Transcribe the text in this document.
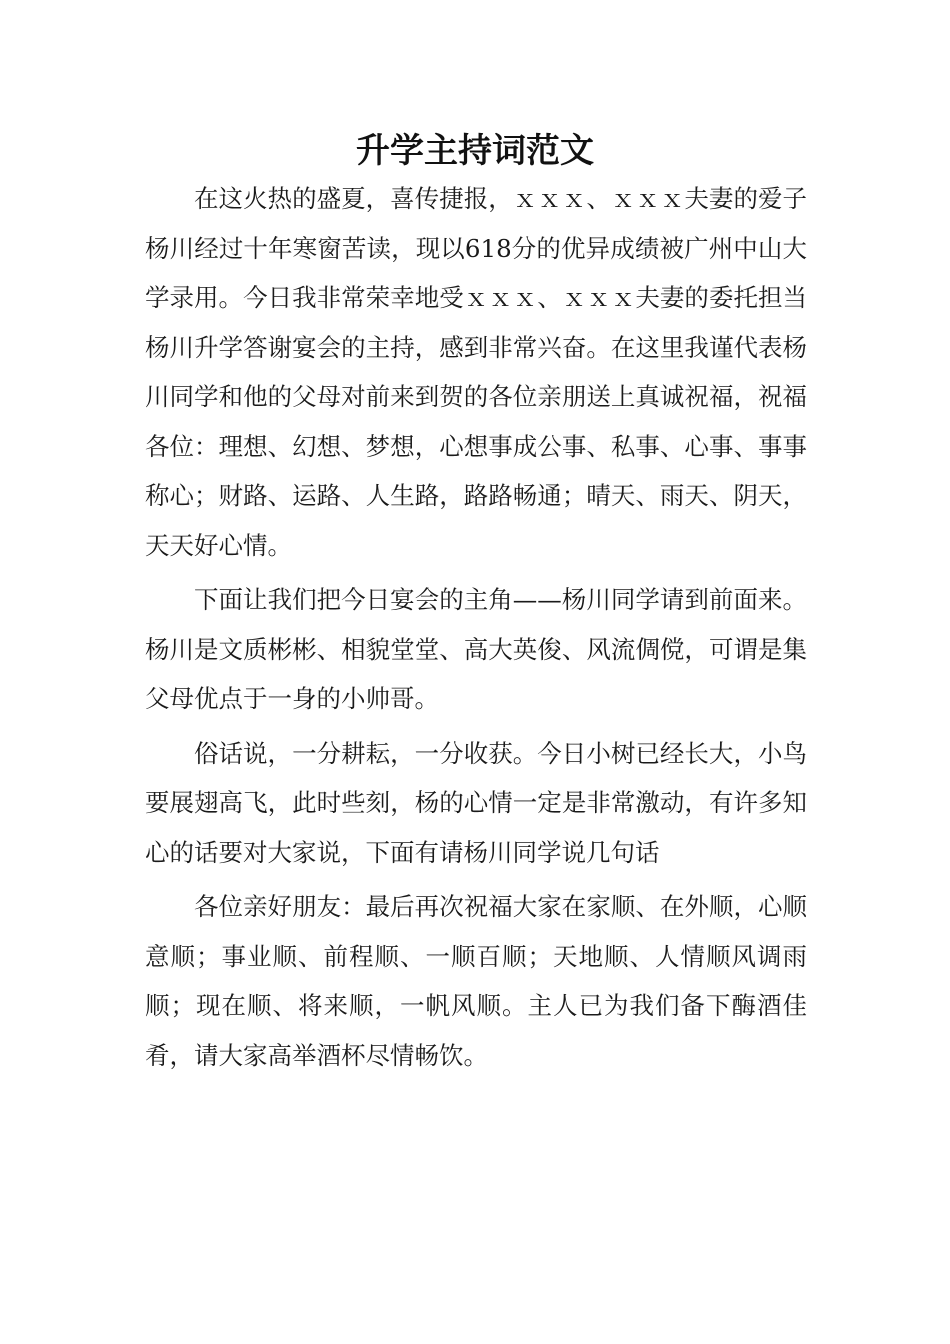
升学主持词范文

在这火热的盛夏，喜传捷报，ｘｘｘ、ｘｘｘ夫妻的爱子杨川经过十年寒窗苦读，现以618分的优异成绩被广州中山大学录用。今日我非常荣幸地受ｘｘｘ、ｘｘｘ夫妻的委托担当杨川升学答谢宴会的主持，感到非常兴奋。在这里我谨代表杨川同学和他的父母对前来到贺的各位亲朋送上真诚祝福，祝福各位：理想、幻想、梦想，心想事成公事、私事、心事、事事称心；财路、运路、人生路，路路畅通；晴天、雨天、阴天，天天好心情。

下面让我们把今日宴会的主角——杨川同学请到前面来。杨川是文质彬彬、相貌堂堂、高大英俊、风流倜傥，可谓是集父母优点于一身的小帅哥。

俗话说，一分耕耘，一分收获。今日小树已经长大，小鸟要展翅高飞，此时些刻，杨的心情一定是非常激动，有许多知心的话要对大家说，下面有请杨川同学说几句话

各位亲好朋友：最后再次祝福大家在家顺、在外顺，心顺意顺；事业顺、前程顺、一顺百顺；天地顺、人情顺风调雨顺；现在顺、将来顺，一帆风顺。主人已为我们备下酶酒佳肴，请大家高举酒杯尽情畅饮。
